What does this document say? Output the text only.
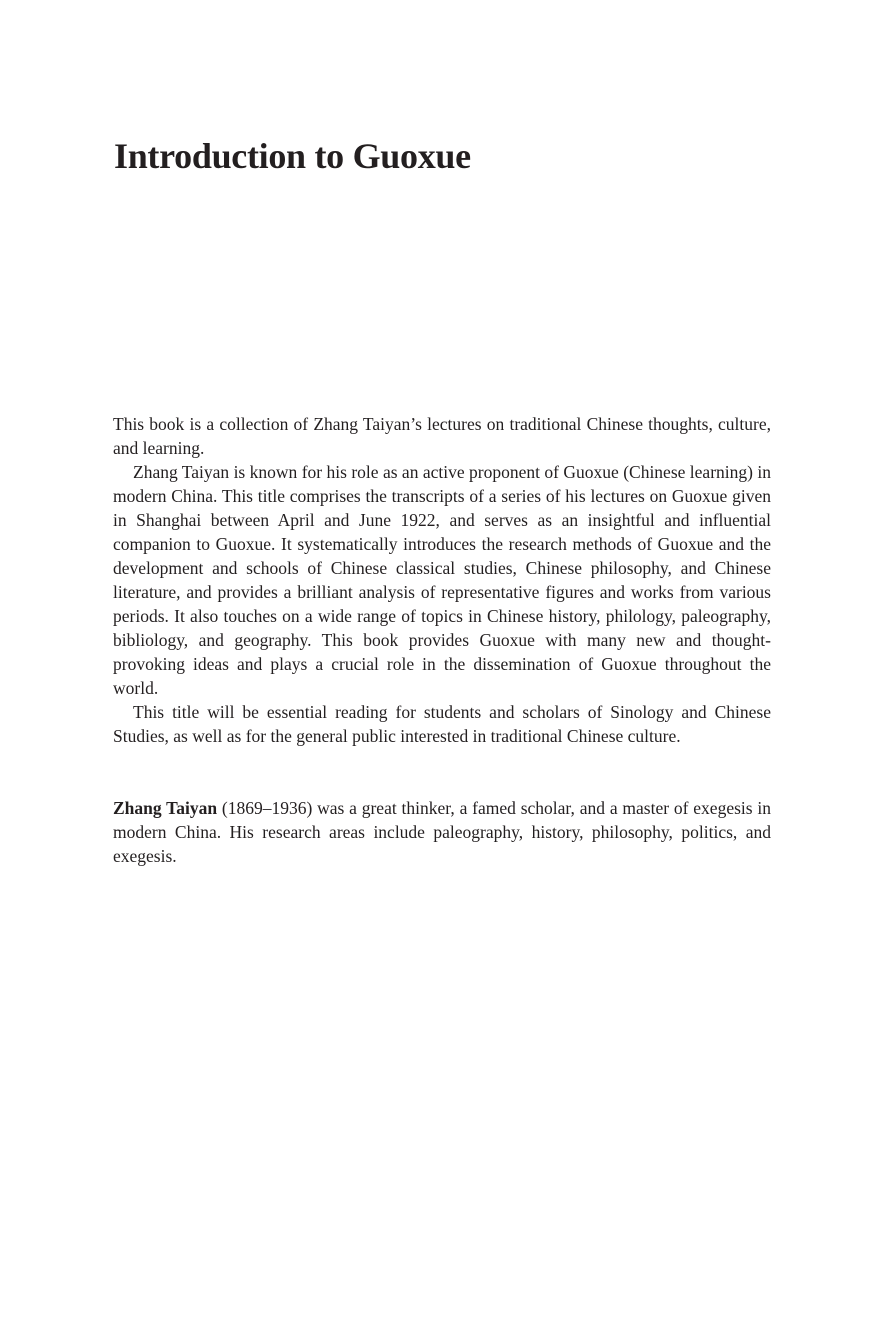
Introduction to Guoxue

This book is a collection of Zhang Taiyan’s lectures on traditional Chinese thoughts, culture, and learning.

Zhang Taiyan is known for his role as an active proponent of Guoxue (Chinese learning) in modern China. This title comprises the transcripts of a series of his lectures on Guoxue given in Shanghai between April and June 1922, and serves as an insightful and influential companion to Guoxue. It systematically introduces the research methods of Guoxue and the development and schools of Chinese classical studies, Chinese philosophy, and Chinese literature, and provides a brilliant analysis of representative figures and works from various periods. It also touches on a wide range of topics in Chinese history, philology, paleography, bibliology, and geography. This book provides Guoxue with many new and thought-provoking ideas and plays a crucial role in the dissemination of Guoxue throughout the world.

This title will be essential reading for students and scholars of Sinology and Chinese Studies, as well as for the general public interested in traditional Chinese culture.

Zhang Taiyan (1869–1936) was a great thinker, a famed scholar, and a master of exegesis in modern China. His research areas include paleography, history, philosophy, politics, and exegesis.
